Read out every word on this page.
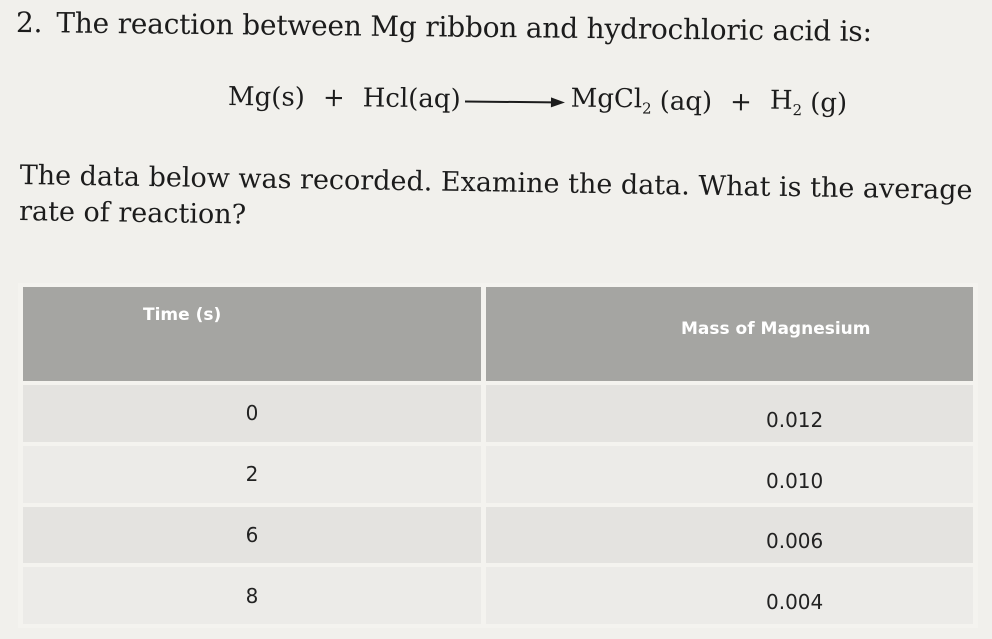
2. The reaction between Mg ribbon and hydrochloric acid is:
Mg(s) + Hcl(aq) → MgCl$_2$ $(aq) + H_2$ (g)
The data below was recorded. Examine the data. What is the average rate of reaction?
Time (s)	Mass of Magnesium
0	0.012
2	0.010
6	0.006
8	0.004
